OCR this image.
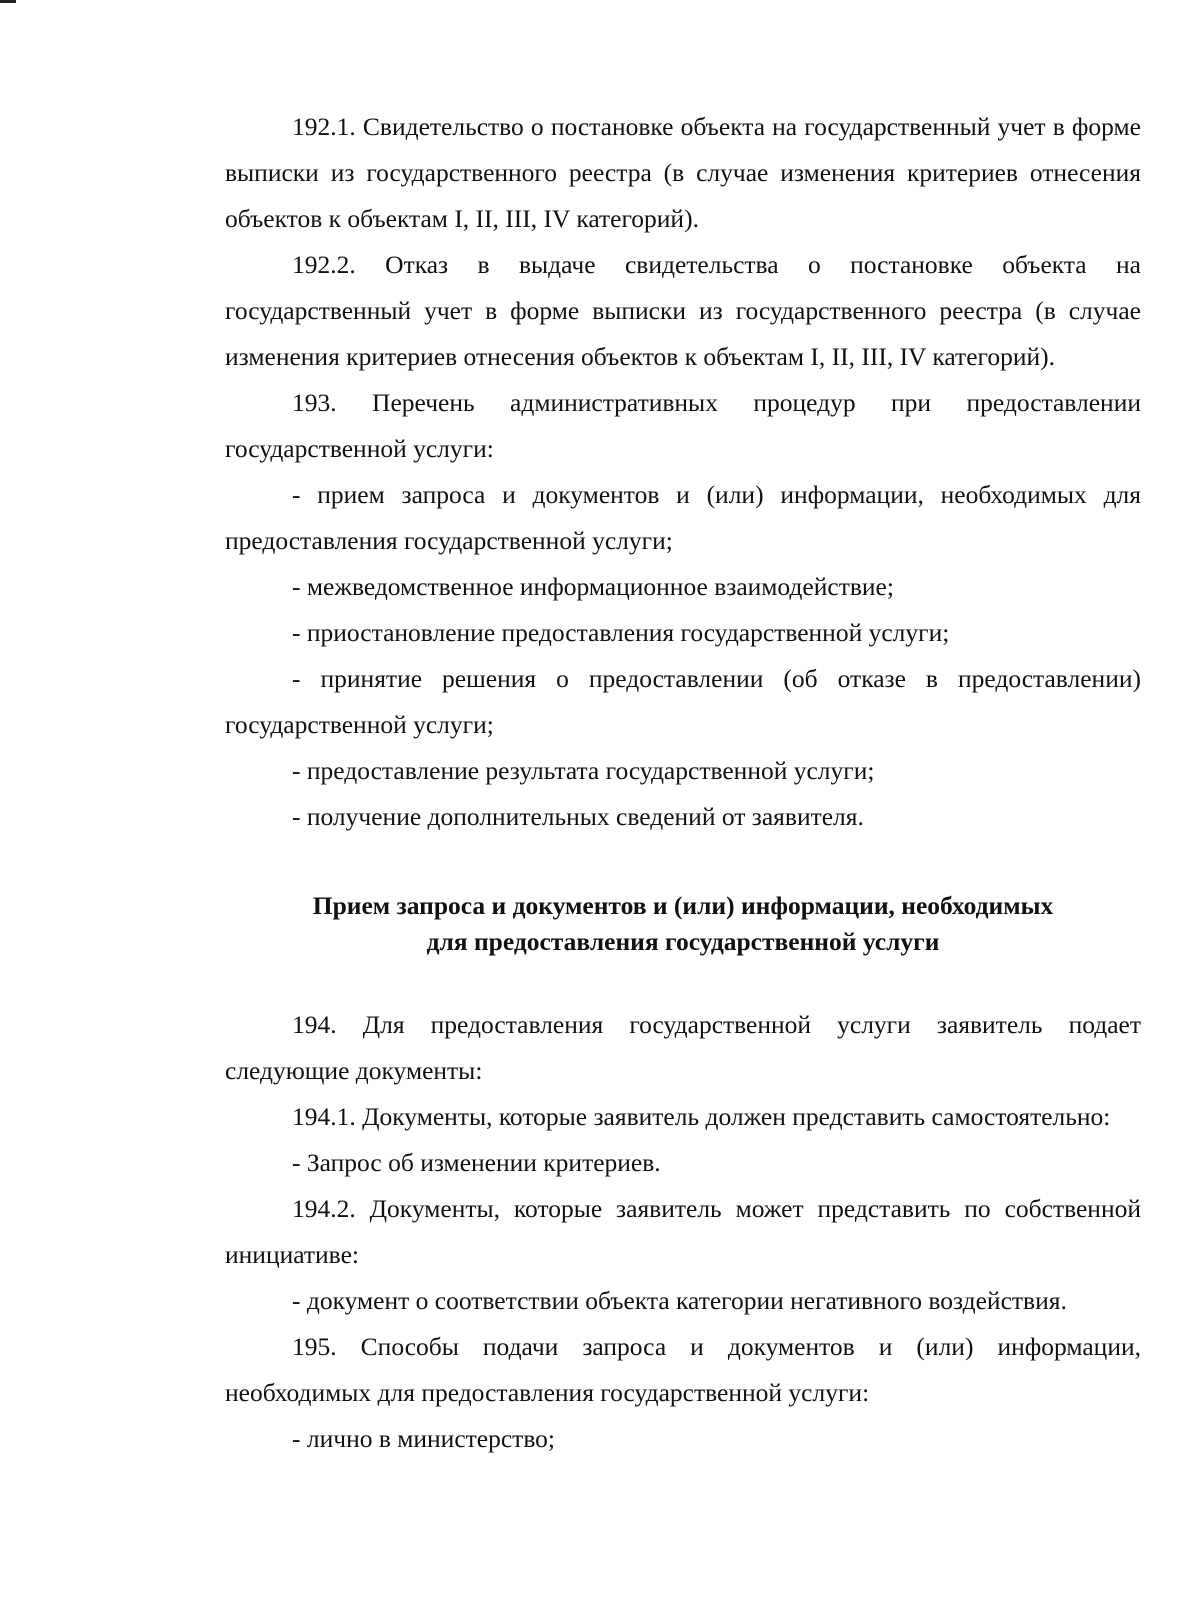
192.1. Свидетельство о постановке объекта на государственный учет в форме выписки из государственного реестра (в случае изменения критериев отнесения объектов к объектам I, II, III, IV категорий).

192.2. Отказ в выдаче свидетельства о постановке объекта на государственный учет в форме выписки из государственного реестра (в случае изменения критериев отнесения объектов к объектам I, II, III, IV категорий).

193. Перечень административных процедур при предоставлении государственной услуги:

- прием запроса и документов и (или) информации, необходимых для предоставления государственной услуги;

- межведомственное информационное взаимодействие;

- приостановление предоставления государственной услуги;

- принятие решения о предоставлении (об отказе в предоставлении) государственной услуги;

- предоставление результата государственной услуги;

- получение дополнительных сведений от заявителя.

Прием запроса и документов и (или) информации, необходимых

для предоставления государственной услуги

194. Для предоставления государственной услуги заявитель подает следующие документы:

194.1. Документы, которые заявитель должен представить самостоятельно:

- Запрос об изменении критериев.

194.2. Документы, которые заявитель может представить по собственной инициативе:

- документ о соответствии объекта категории негативного воздействия.

195. Способы подачи запроса и документов и (или) информации, необходимых для предоставления государственной услуги:

- лично в министерство;
